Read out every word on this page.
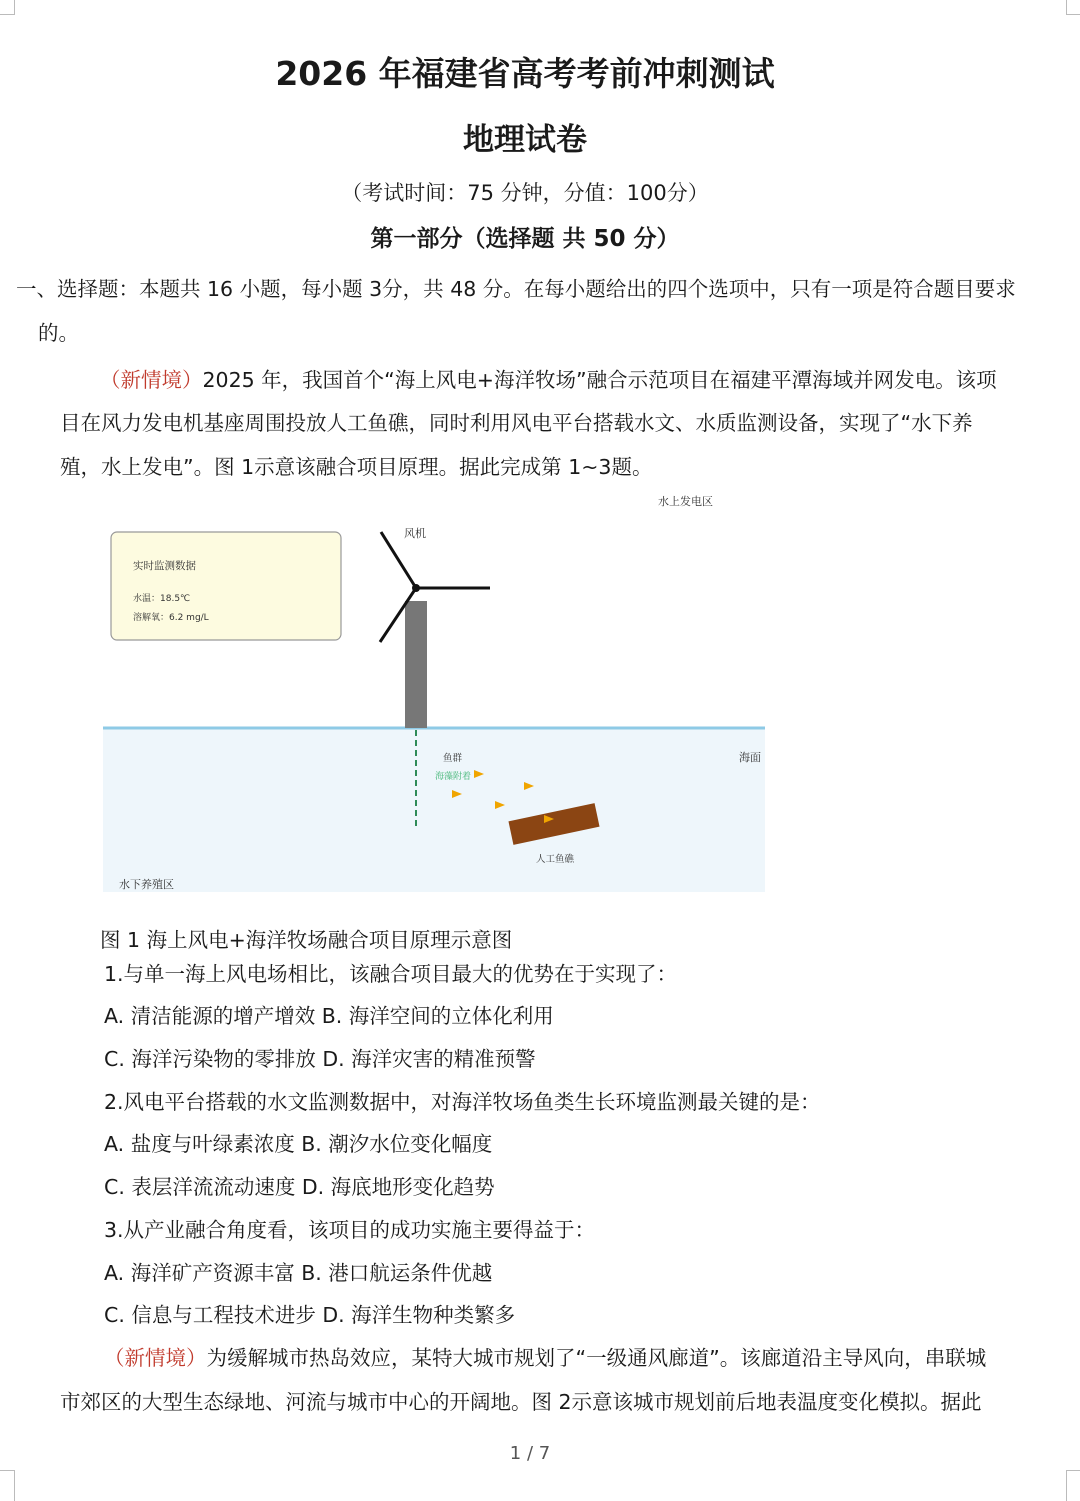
2026 年福建省高考考前冲刺测试
地理试卷
（考试时间：75 分钟，分值：100分）
第一部分（选择题 共 50 分）
一、选择题：本题共 16 小题，每小题 3分，共 48 分。在每小题给出的四个选项中，只有一项是符合题目要求
的。
（新情境）2025 年，我国首个“海上风电+海洋牧场”融合示范项目在福建平潭海域并网发电。该项
目在风力发电机基座周围投放人工鱼礁，同时利用风电平台搭载水文、水质监测设备，实现了“水下养
殖，水上发电”。图 1示意该融合项目原理。据此完成第 1~3题。
实时监测数据
水温：18.5℃
溶解氧：6.2 mg/L
风机
水上发电区
海面
鱼群
海藻附着
人工鱼礁
水下养殖区
图 1 海上风电+海洋牧场融合项目原理示意图
1.与单一海上风电场相比，该融合项目最大的优势在于实现了：
A. 清洁能源的增产增效 B. 海洋空间的立体化利用
C. 海洋污染物的零排放 D. 海洋灾害的精准预警
2.风电平台搭载的水文监测数据中，对海洋牧场鱼类生长环境监测最关键的是：
A. 盐度与叶绿素浓度 B. 潮汐水位变化幅度
C. 表层洋流流动速度 D. 海底地形变化趋势
3.从产业融合角度看，该项目的成功实施主要得益于：
A. 海洋矿产资源丰富 B. 港口航运条件优越
C. 信息与工程技术进步 D. 海洋生物种类繁多
（新情境）为缓解城市热岛效应，某特大城市规划了“一级通风廊道”。该廊道沿主导风向，串联城
市郊区的大型生态绿地、河流与城市中心的开阔地。图 2示意该城市规划前后地表温度变化模拟。据此
1 / 7
